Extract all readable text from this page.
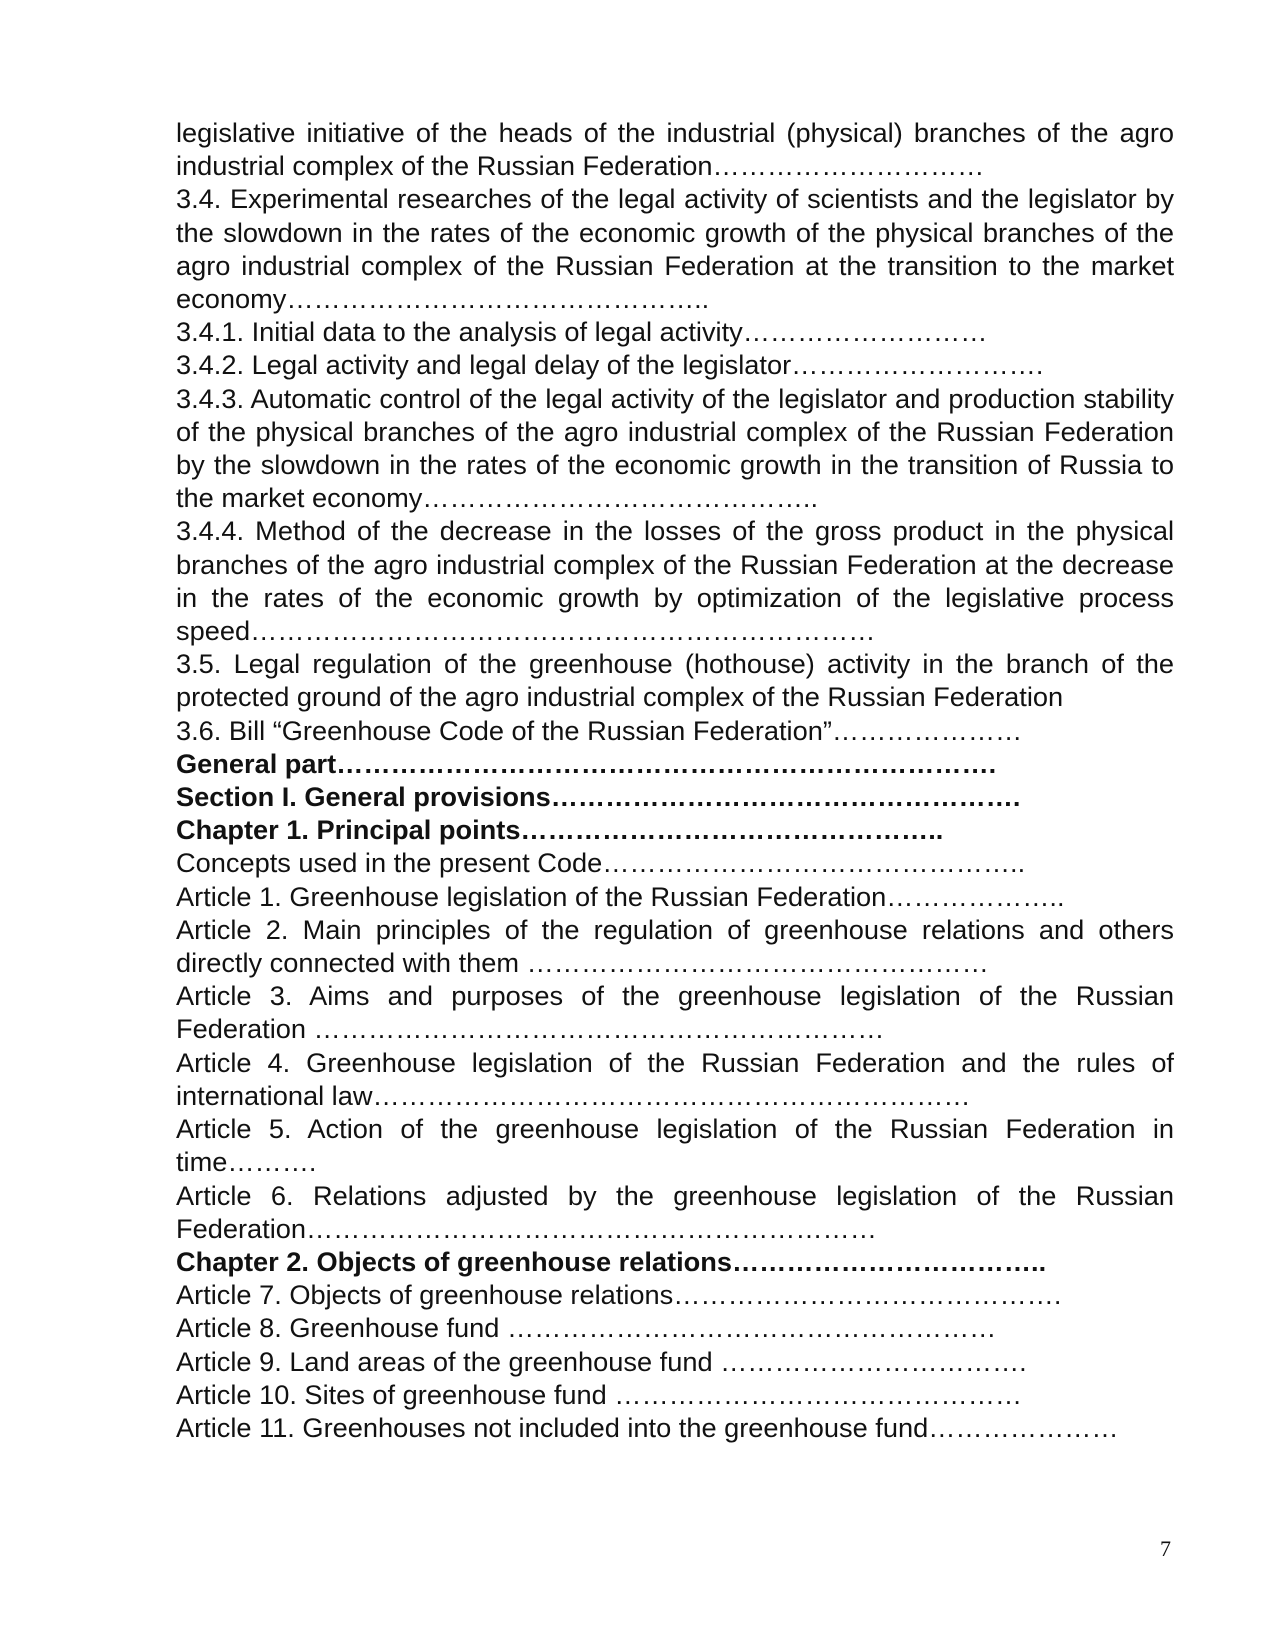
legislative initiative of the heads of the industrial (physical) branches of the agro industrial complex of the Russian Federation…………………………

3.4. Experimental researches of the legal activity of scientists and the legislator by the slowdown in the rates of the economic growth of the physical branches of the agro industrial complex of the Russian Federation at the transition to the market economy………………………………………..

3.4.1. Initial data to the analysis of legal activity………………………

3.4.2. Legal activity and legal delay of the legislator……………………….

3.4.3. Automatic control of the legal activity of the legislator and production stability of the physical branches of the agro industrial complex of the Russian Federation by the slowdown in the rates of the economic growth in the transition of Russia to the market economy……………………………………..

3.4.4. Method of the decrease in the losses of the gross product in the physical branches of the agro industrial complex of the Russian Federation at the decrease in the rates of the economic growth by optimization of the legislative process speed……………………………………………………………

3.5. Legal regulation of the greenhouse (hothouse) activity in the branch of the protected ground of the agro industrial complex of the Russian Federation

3.6. Bill “Greenhouse Code of the Russian Federation”…………………

General part……………………………………………………………….

Section I. General provisions…………………………………………….

Chapter 1. Principal points………………………………………..

Concepts used in the present Code………………………………………..

Article 1. Greenhouse legislation of the Russian Federation………………..

Article 2. Main principles of the regulation of greenhouse relations and others directly connected with them ……………………………………………

Article 3. Aims and purposes of the greenhouse legislation of the Russian Federation ………………………………………………………

Article 4. Greenhouse legislation of the Russian Federation and the rules of international law…………………………………………………………

Article 5. Action of the greenhouse legislation of the Russian Federation in time……….

Article 6. Relations adjusted by the greenhouse legislation of the Russian Federation………………………………………………………

Chapter 2. Objects of greenhouse relations……………………………..

Article 7. Objects of greenhouse relations…………………………………….

Article 8. Greenhouse fund ………………………………………………

Article 9. Land areas of the greenhouse fund …………………………….

Article 10. Sites of greenhouse fund ………………………………………

Article 11. Greenhouses not included into the greenhouse fund…………………

7
